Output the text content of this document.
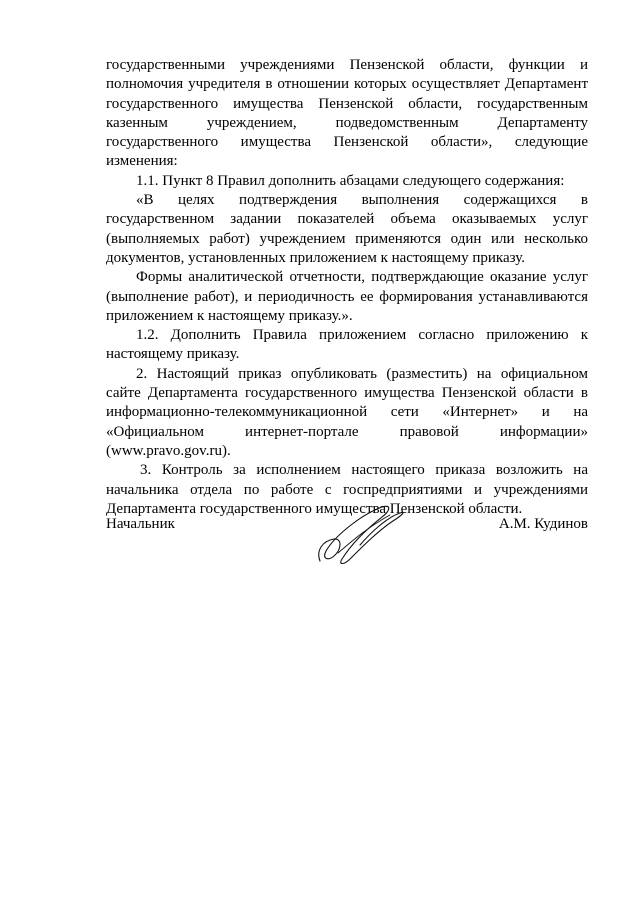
государственными учреждениями Пензенской области, функции и полномочия учредителя в отношении которых осуществляет Департамент государственного имущества Пензенской области, государственным казенным учреждением, подведомственным Департаменту государственного имущества Пензенской области», следующие изменения:

1.1. Пункт 8 Правил дополнить абзацами следующего содержания:

«В целях подтверждения выполнения содержащихся в государственном задании показателей объема оказываемых услуг (выполняемых работ) учреждением применяются один или несколько документов, установленных приложением к настоящему приказу.

Формы аналитической отчетности, подтверждающие оказание услуг (выполнение работ), и периодичность ее формирования устанавливаются приложением к настоящему приказу.».

1.2. Дополнить Правила приложением согласно приложению к настоящему приказу.

2. Настоящий приказ опубликовать (разместить) на официальном сайте Департамента государственного имущества Пензенской области в информационно-телекоммуникационной сети «Интернет» и на «Официальном интернет-портале правовой информации» (www.pravo.gov.ru).

3. Контроль за исполнением настоящего приказа возложить на начальника отдела по работе с госпредприятиями и учреждениями Департамента государственного имущества Пензенской области.

Начальник	А.М. Кудинов
